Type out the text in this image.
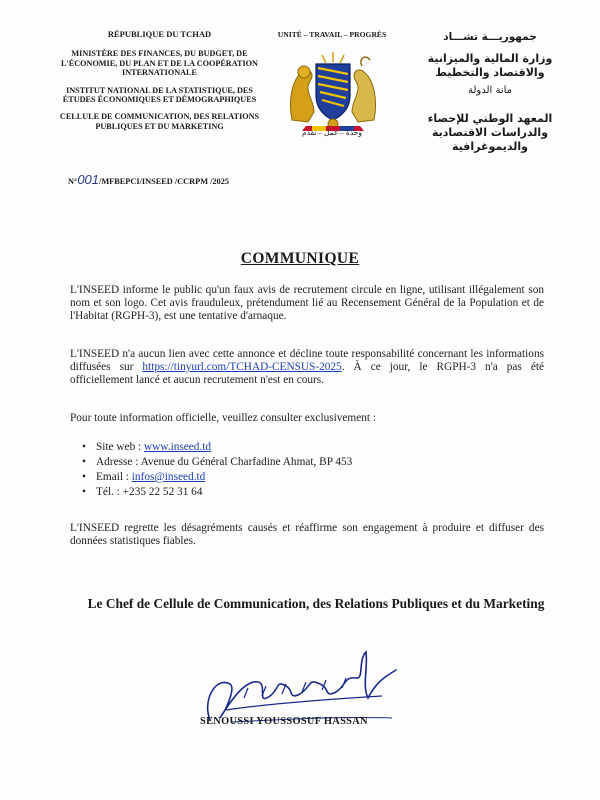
RÉPUBLIQUE DU TCHAD
MINISTÈRE DES FINANCES, DU BUDGET, DE L'ÉCONOMIE, DU PLAN ET DE LA COOPÉRATION INTERNATIONALE
INSTITUT NATIONAL DE LA STATISTIQUE, DES ÉTUDES ÉCONOMIQUES ET DÉMOGRAPHIQUES
CELLULE DE COMMUNICATION, DES RELATIONS PUBLIQUES ET DU MARKETING
UNITÉ – TRAVAIL – PROGRÈS
وحدة – عمل – تقدم
جمهوريـــة تشـــاد
وزارة المالية والميزانية والاقتصاد والتخطيط
مانة الدولة
المعهد الوطني للإحصاء والدراسات الاقتصادية والديموغرافية
N°001/MFBEPCI/INSEED /CCRPM /2025
COMMUNIQUE
L'INSEED informe le public qu'un faux avis de recrutement circule en ligne, utilisant illégalement son nom et son logo. Cet avis frauduleux, prétendument lié au Recensement Général de la Population et de l'Habitat (RGPH-3), est une tentative d'arnaque.
L'INSEED n'a aucun lien avec cette annonce et décline toute responsabilité concernant les informations diffusées sur https://tinyurl.com/TCHAD-CENSUS-2025. À ce jour, le RGPH-3 n'a pas été officiellement lancé et aucun recrutement n'est en cours.
Pour toute information officielle, veuillez consulter exclusivement :
• Site web : www.inseed.td
• Adresse : Avenue du Général Charfadine Ahmat, BP 453
• Email : infos@inseed.td
• Tél. : +235 22 52 31 64
L'INSEED regrette les désagréments causés et réaffirme son engagement à produire et diffuser des données statistiques fiables.
Le Chef de Cellule de Communication, des Relations Publiques et du Marketing
SENOUSSI YOUSSOSUF HASSAN
